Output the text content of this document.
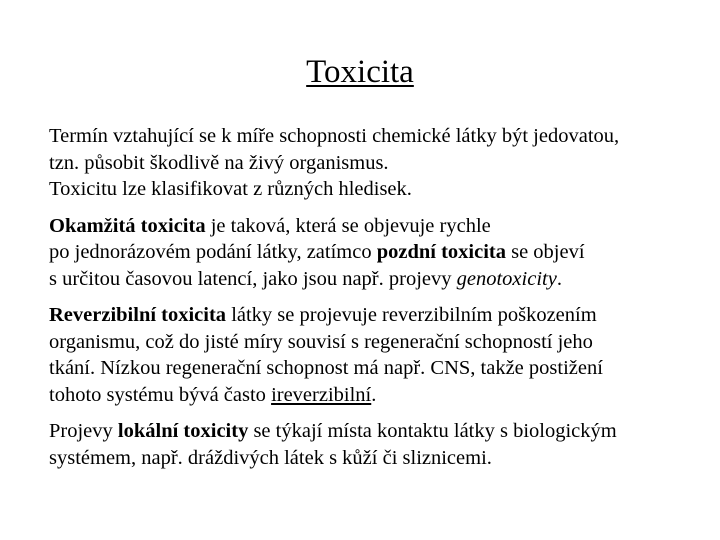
Toxicita

Termín vztahující se k míře schopnosti chemické látky být jedovatou,
tzn. působit škodlivě na živý organismus.
Toxicitu lze klasifikovat z různých hledisek.

Okamžitá toxicita je taková, která se objevuje rychle
po jednorázovém podání látky, zatímco pozdní toxicita se objeví
s určitou časovou latencí, jako jsou např. projevy genotoxicity.

Reverzibilní toxicita látky se projevuje reverzibilním poškozením
organismu, což do jisté míry souvisí s regenerační schopností jeho
tkání. Nízkou regenerační schopnost má např. CNS, takže postižení
tohoto systému bývá často ireverzibilní.

Projevy lokální toxicity se týkají místa kontaktu látky s biologickým
systémem, např. dráždivých látek s kůží či sliznicemi.
